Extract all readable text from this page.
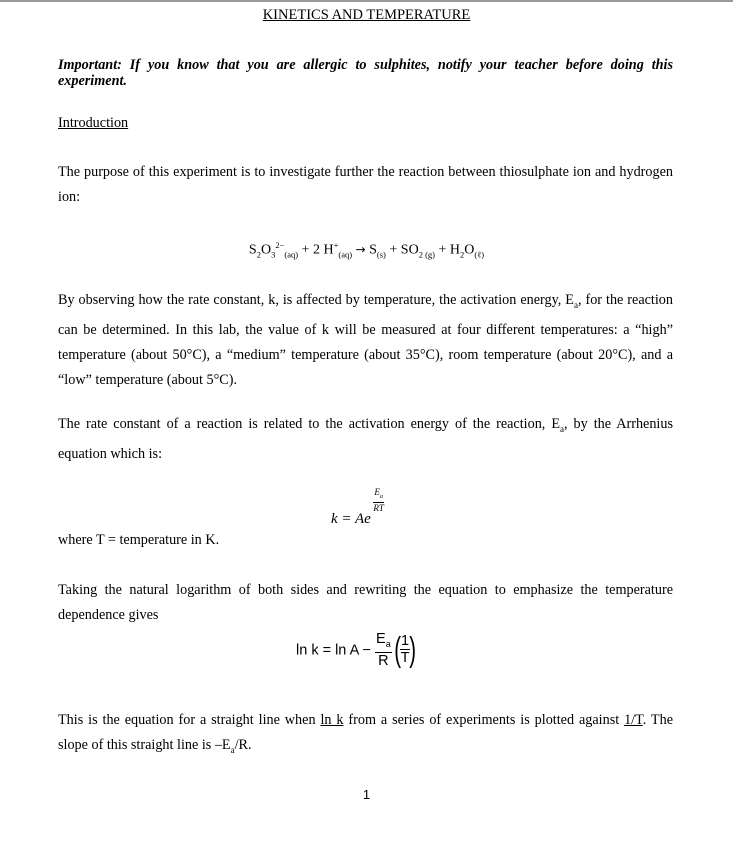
KINETICS AND TEMPERATURE
Important: If you know that you are allergic to sulphites, notify your teacher before doing this
experiment.
Introduction
The purpose of this experiment is to investigate further the reaction between thiosulphate ion and hydrogen ion:
$S_2O_3^{2-}_{(aq)} + 2$ $H^+_{(aq)} \to S_{(s)} + SO_2$ $_{(g)} + H_2O_{(\ell)}$
By observing how the rate constant, k, is affected by temperature, the activation energy, $E_a$, for the reaction can be determined. In this lab, the value of k will be measured at four different temperatures: a “high” temperature (about 50°C), a “medium” temperature (about 35°C), room temperature (about 20°C), and a “low” temperature (about 5°C).
The rate constant of a reaction is related to the activation energy of the reaction, $E_a$, by the Arrhenius equation which is:
k = Ae
$\frac{E_a}{RT}$
where T = temperature in K.
Taking the natural logarithm of both sides and rewriting the equation to emphasize the temperature dependence gives
$\ln k = \ln A - \frac{E_a}{R}$ ( $\frac{1}{T}$ )
This is the equation for a straight line when ln k from a series of experiments is plotted against 1/T. The slope of this straight line is $-E_a/R$.
1
